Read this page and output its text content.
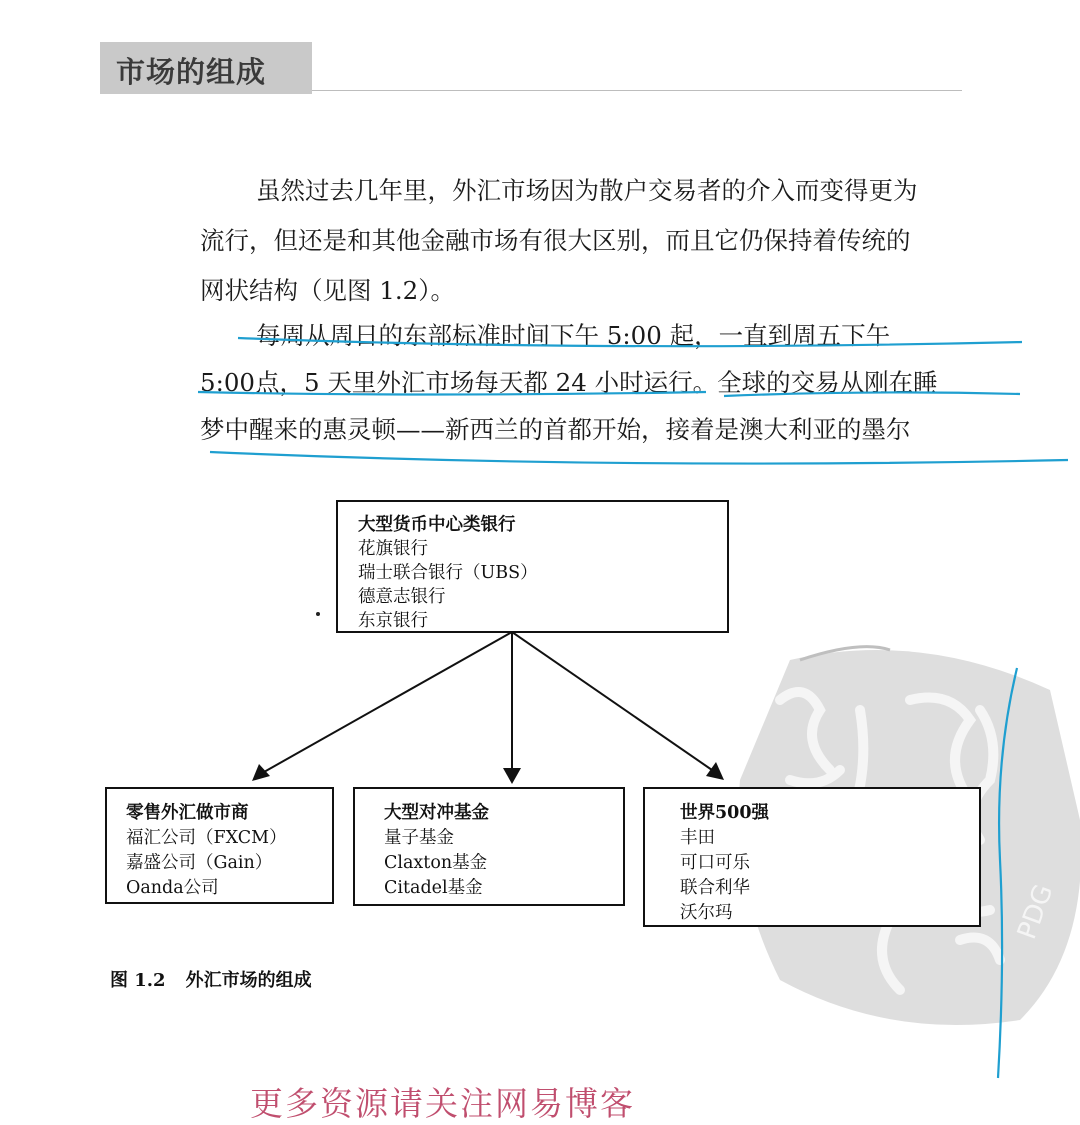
市场的组成
虽然过去几年里，外汇市场因为散户交易者的介入而变得更为
流行，但还是和其他金融市场有很大区别，而且它仍保持着传统的
网状结构（见图 1.2）。
每周从周日的东部标准时间下午 5:00 起，一直到周五下午
5:00点，5 天里外汇市场每天都 24 小时运行。全球的交易从刚在睡
梦中醒来的惠灵顿——新西兰的首都开始，接着是澳大利亚的墨尔
PDG
大型货币中心类银行
花旗银行
瑞士联合银行（UBS）
德意志银行
东京银行
零售外汇做市商
福汇公司（FXCM）
嘉盛公司（Gain）
Oanda公司
大型对冲基金
量子基金
Claxton基金
Citadel基金
世界500强
丰田
可口可乐
联合利华
沃尔玛
图 1.2 外汇市场的组成
更多资源请关注网易博客
